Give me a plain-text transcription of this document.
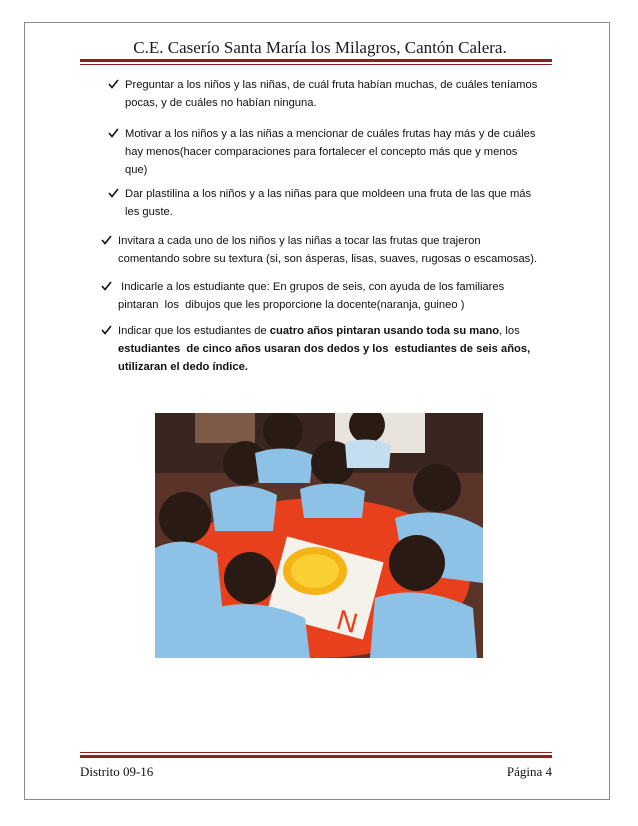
C.E. Caserío Santa María los Milagros, Cantón Calera.
Preguntar a los niños y las niñas, de cuál fruta habían muchas, de cuáles teníamos
pocas, y de cuáles no habían ninguna.
Motivar a los niños y a las niñas a mencionar de cuáles frutas hay más y de cuáles
hay menos(hacer comparaciones para fortalecer el concepto más que y menos
que)
Dar plastilina a los niños y a las niñas para que moldeen una fruta de las que más
les guste.
Invitara a cada uno de los niños y las niñas a tocar las frutas que trajeron
comentando sobre su textura (si, son ásperas, lisas, suaves, rugosas o escamosas).
Indicarle a los estudiante que: En grupos de seis, con ayuda de los familiares
pintaran  los  dibujos que les proporcione la docente(naranja, guineo )
Indicar que los estudiantes de cuatro años pintaran usando toda su mano, los
estudiantes  de cinco años usaran dos dedos y los  estudiantes de seis años,
utilizaran el dedo índice.
N
Distrito 09-16	Página 4
